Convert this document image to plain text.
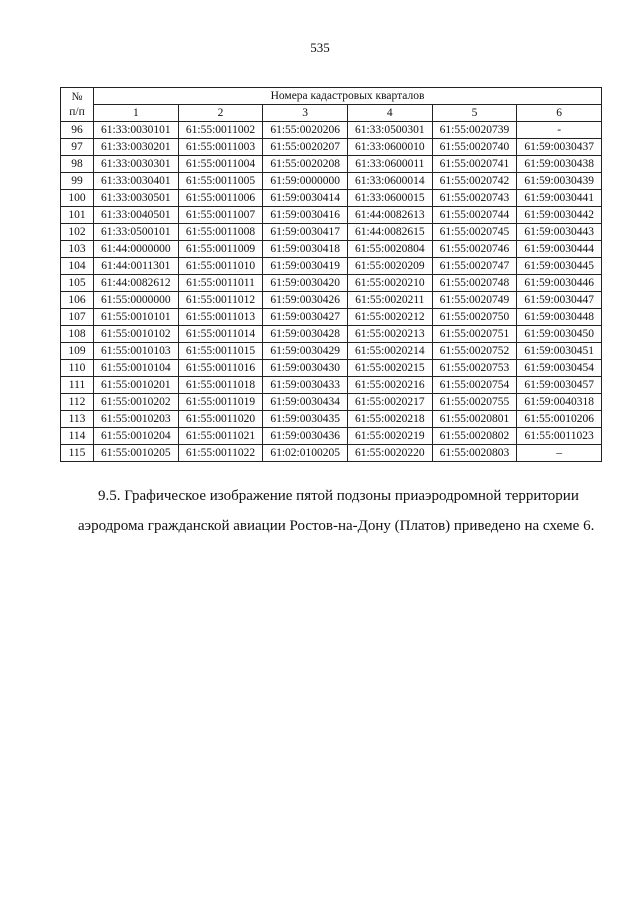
535
№
п/п	Номера кадастровых кварталов					
	1	2	3	4	5	6
96	61:33:0030101	61:55:0011002	61:55:0020206	61:33:0500301	61:55:0020739	-
97	61:33:0030201	61:55:0011003	61:55:0020207	61:33:0600010	61:55:0020740	61:59:0030437
98	61:33:0030301	61:55:0011004	61:55:0020208	61:33:0600011	61:55:0020741	61:59:0030438
99	61:33:0030401	61:55:0011005	61:59:0000000	61:33:0600014	61:55:0020742	61:59:0030439
100	61:33:0030501	61:55:0011006	61:59:0030414	61:33:0600015	61:55:0020743	61:59:0030441
101	61:33:0040501	61:55:0011007	61:59:0030416	61:44:0082613	61:55:0020744	61:59:0030442
102	61:33:0500101	61:55:0011008	61:59:0030417	61:44:0082615	61:55:0020745	61:59:0030443
103	61:44:0000000	61:55:0011009	61:59:0030418	61:55:0020804	61:55:0020746	61:59:0030444
104	61:44:0011301	61:55:0011010	61:59:0030419	61:55:0020209	61:55:0020747	61:59:0030445
105	61:44:0082612	61:55:0011011	61:59:0030420	61:55:0020210	61:55:0020748	61:59:0030446
106	61:55:0000000	61:55:0011012	61:59:0030426	61:55:0020211	61:55:0020749	61:59:0030447
107	61:55:0010101	61:55:0011013	61:59:0030427	61:55:0020212	61:55:0020750	61:59:0030448
108	61:55:0010102	61:55:0011014	61:59:0030428	61:55:0020213	61:55:0020751	61:59:0030450
109	61:55:0010103	61:55:0011015	61:59:0030429	61:55:0020214	61:55:0020752	61:59:0030451
110	61:55:0010104	61:55:0011016	61:59:0030430	61:55:0020215	61:55:0020753	61:59:0030454
111	61:55:0010201	61:55:0011018	61:59:0030433	61:55:0020216	61:55:0020754	61:59:0030457
112	61:55:0010202	61:55:0011019	61:59:0030434	61:55:0020217	61:55:0020755	61:59:0040318
113	61:55:0010203	61:55:0011020	61:59:0030435	61:55:0020218	61:55:0020801	61:55:0010206
114	61:55:0010204	61:55:0011021	61:59:0030436	61:55:0020219	61:55:0020802	61:55:0011023
115	61:55:0010205	61:55:0011022	61:02:0100205	61:55:0020220	61:55:0020803	–
9.5. Графическое изображение пятой подзоны приаэродромной территории
аэродрома гражданской авиации Ростов-на-Дону (Платов) приведено на схеме 6.
